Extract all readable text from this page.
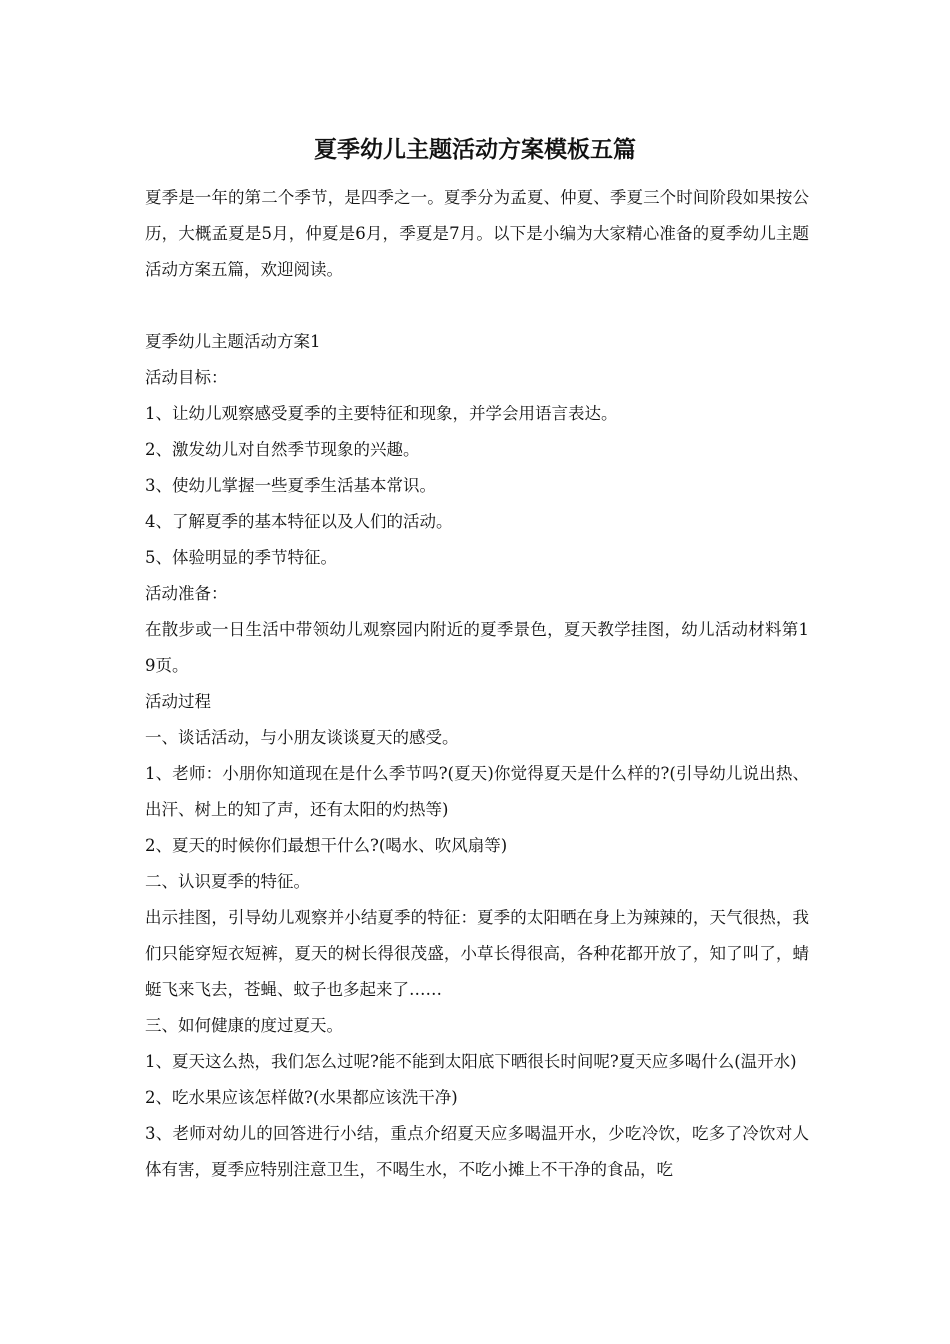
夏季幼儿主题活动方案模板五篇

夏季是一年的第二个季节，是四季之一。夏季分为孟夏、仲夏、季夏三个时间阶段如果按公历，大概孟夏是5月，仲夏是6月，季夏是7月。以下是小编为大家精心准备的夏季幼儿主题活动方案五篇，欢迎阅读。

夏季幼儿主题活动方案1

活动目标：

1、让幼儿观察感受夏季的主要特征和现象，并学会用语言表达。

2、激发幼儿对自然季节现象的兴趣。

3、使幼儿掌握一些夏季生活基本常识。

4、了解夏季的基本特征以及人们的活动。

5、体验明显的季节特征。

活动准备：

在散步或一日生活中带领幼儿观察园内附近的夏季景色，夏天教学挂图，幼儿活动材料第19页。

活动过程

一、谈话活动，与小朋友谈谈夏天的感受。

1、老师：小朋你知道现在是什么季节吗?(夏天)你觉得夏天是什么样的?(引导幼儿说出热、出汗、树上的知了声，还有太阳的灼热等)

2、夏天的时候你们最想干什么?(喝水、吹风扇等)

二、认识夏季的特征。

出示挂图，引导幼儿观察并小结夏季的特征：夏季的太阳晒在身上为辣辣的，天气很热，我们只能穿短衣短裤，夏天的树长得很茂盛，小草长得很高，各种花都开放了，知了叫了，蜻蜓飞来飞去，苍蝇、蚊子也多起来了……

三、如何健康的度过夏天。

1、夏天这么热，我们怎么过呢?能不能到太阳底下晒很长时间呢?夏天应多喝什么(温开水)

2、吃水果应该怎样做?(水果都应该洗干净)

3、老师对幼儿的回答进行小结，重点介绍夏天应多喝温开水，少吃冷饮，吃多了冷饮对人体有害，夏季应特别注意卫生，不喝生水，不吃小摊上不干净的食品，吃
